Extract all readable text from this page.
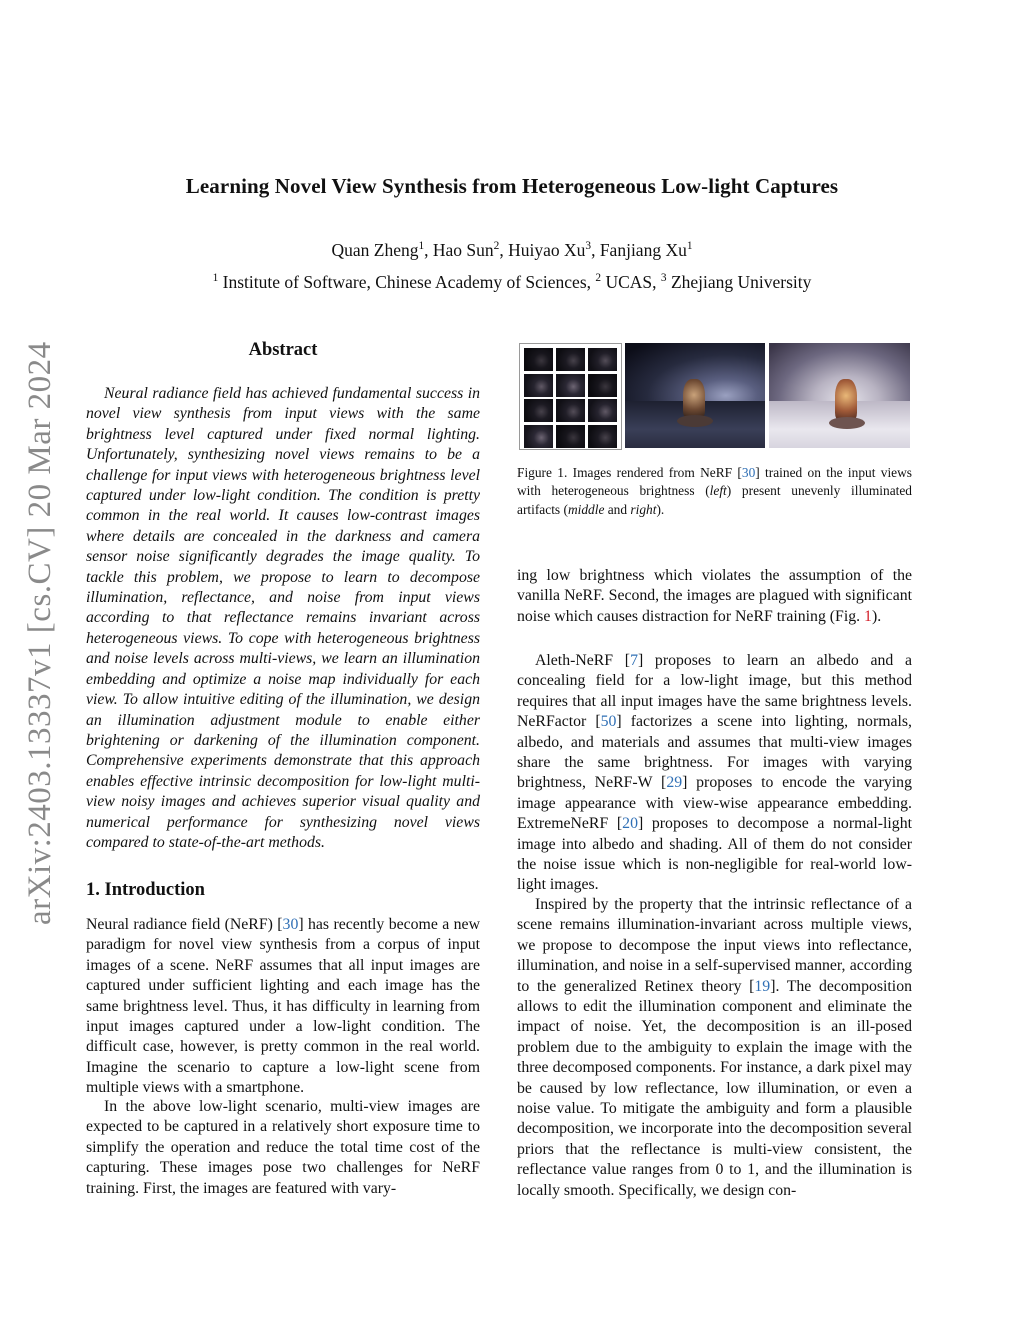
Learning Novel View Synthesis from Heterogeneous Low-light Captures
Quan Zheng$^1$, Hao Sun$^2$, Huiyao Xu$^3$, Fanjiang Xu$^1$
$^1$ Institute of Software, Chinese Academy of Sciences, $^2$ UCAS, $^3$ Zhejiang University
arXiv:2403.13337v1 [cs.CV] 20 Mar 2024	Abstract

Neural radiance field has achieved fundamental success in novel view synthesis from input views with the same brightness level captured under fixed normal lighting. Unfortunately, synthesizing novel views remains to be a challenge for input views with heterogeneous brightness level captured under low-light condition. The condition is pretty common in the real world. It causes low-contrast images where details are concealed in the darkness and camera sensor noise significantly degrades the image quality. To tackle this problem, we propose to learn to decompose illumination, reflectance, and noise from input views according to that reflectance remains invariant across heterogeneous views. To cope with heterogeneous brightness and noise levels across multi-views, we learn an illumination embedding and optimize a noise map individually for each view. To allow intuitive editing of the illumination, we design an illumination adjustment module to enable either brightening or darkening of the illumination component. Comprehensive experiments demonstrate that this approach enables effective intrinsic decomposition for low-light multi-view noisy images and achieves superior visual quality and numerical performance for synthesizing novel views compared to state-of-the-art methods.

1. Introduction

Neural radiance field (NeRF) [30] has recently become a new paradigm for novel view synthesis from a corpus of input images of a scene. NeRF assumes that all input images are captured under sufficient lighting and each image has the same brightness level. Thus, it has difficulty in learning from input images captured under a low-light condition. The difficult case, however, is pretty common in the real world. Imagine the scenario to capture a low-light scene from multiple views with a smartphone.

In the above low-light scenario, multi-view images are expected to be captured in a relatively short exposure time to simplify the operation and reduce the total time cost of the capturing. These images pose two challenges for NeRF training. First, the images are featured with vary-

Figure 1. Images rendered from NeRF [30] trained on the input views with heterogeneous brightness (left) present unevenly illuminated artifacts (middle and right).

ing low brightness which violates the assumption of the vanilla NeRF. Second, the images are plagued with significant noise which causes distraction for NeRF training (Fig. 1).

Aleth-NeRF [7] proposes to learn an albedo and a concealing field for a low-light image, but this method requires that all input images have the same brightness levels. NeRFactor [50] factorizes a scene into lighting, normals, albedo, and materials and assumes that multi-view images share the same brightness. For images with varying brightness, NeRF-W [29] proposes to encode the varying image appearance with view-wise appearance embedding. ExtremeNeRF [20] proposes to decompose a normal-light image into albedo and shading. All of them do not consider the noise issue which is non-negligible for real-world low-light images.

Inspired by the property that the intrinsic reflectance of a scene remains illumination-invariant across multiple views, we propose to decompose the input views into reflectance, illumination, and noise in a self-supervised manner, according to the generalized Retinex theory [19]. The decomposition allows to edit the illumination component and eliminate the impact of noise. Yet, the decomposition is an ill-posed problem due to the ambiguity to explain the image with the three decomposed components. For instance, a dark pixel may be caused by low reflectance, low illumination, or even a noise value. To mitigate the ambiguity and form a plausible decomposition, we incorporate into the decomposition several priors that the reflectance is multi-view consistent, the reflectance value ranges from 0 to 1, and the illumination is locally smooth. Specifically, we design con-
